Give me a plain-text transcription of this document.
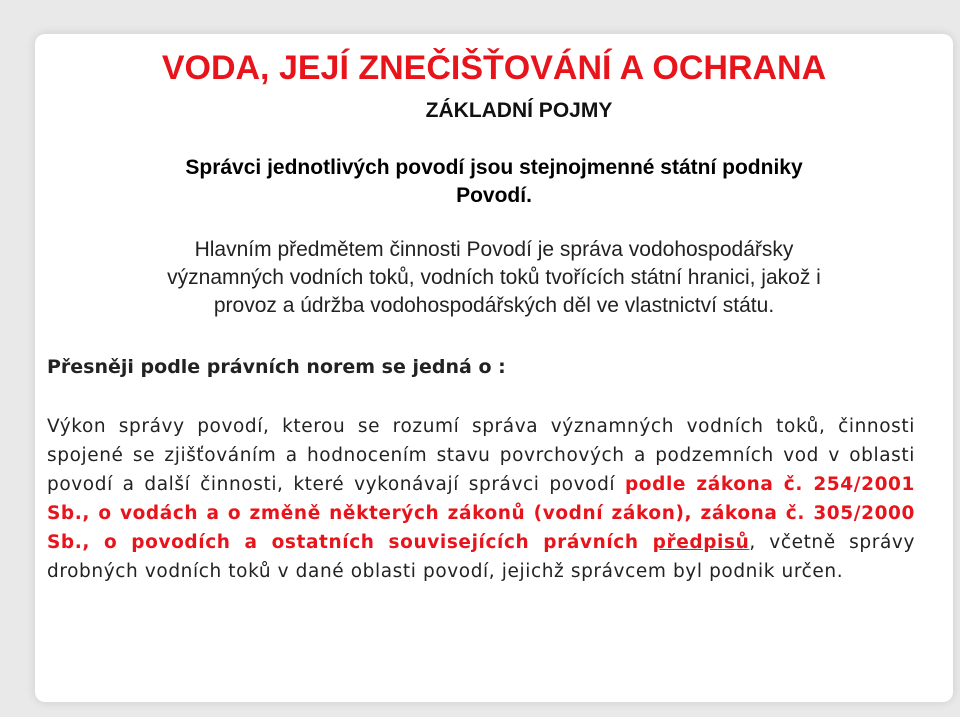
VODA, JEJÍ ZNEČIŠŤOVÁNÍ A OCHRANA
ZÁKLADNÍ POJMY
Správci jednotlivých povodí jsou stejnojmenné státní podniky
Povodí.
Hlavním předmětem činnosti Povodí je správa vodohospodářsky
významných vodních toků, vodních toků tvořících státní hranici, jakož i
provoz a údržba vodohospodářských děl ve vlastnictví státu.
Přesněji podle právních norem se jedná o :

Výkon správy povodí, kterou se rozumí správa významných vodních toků, činnosti spojené se zjišťováním a hodnocením stavu povrchových a podzemních vod v oblasti povodí a další činnosti, které vykonávají správci povodí podle zákona č. 254/2001 Sb., o vodách a o změně některých zákonů (vodní zákon), zákona č. 305/2000 Sb., o povodích a ostatních souvisejících právních předpisů, včetně správy drobných vodních toků v dané oblasti povodí, jejichž správcem byl podnik určen.
